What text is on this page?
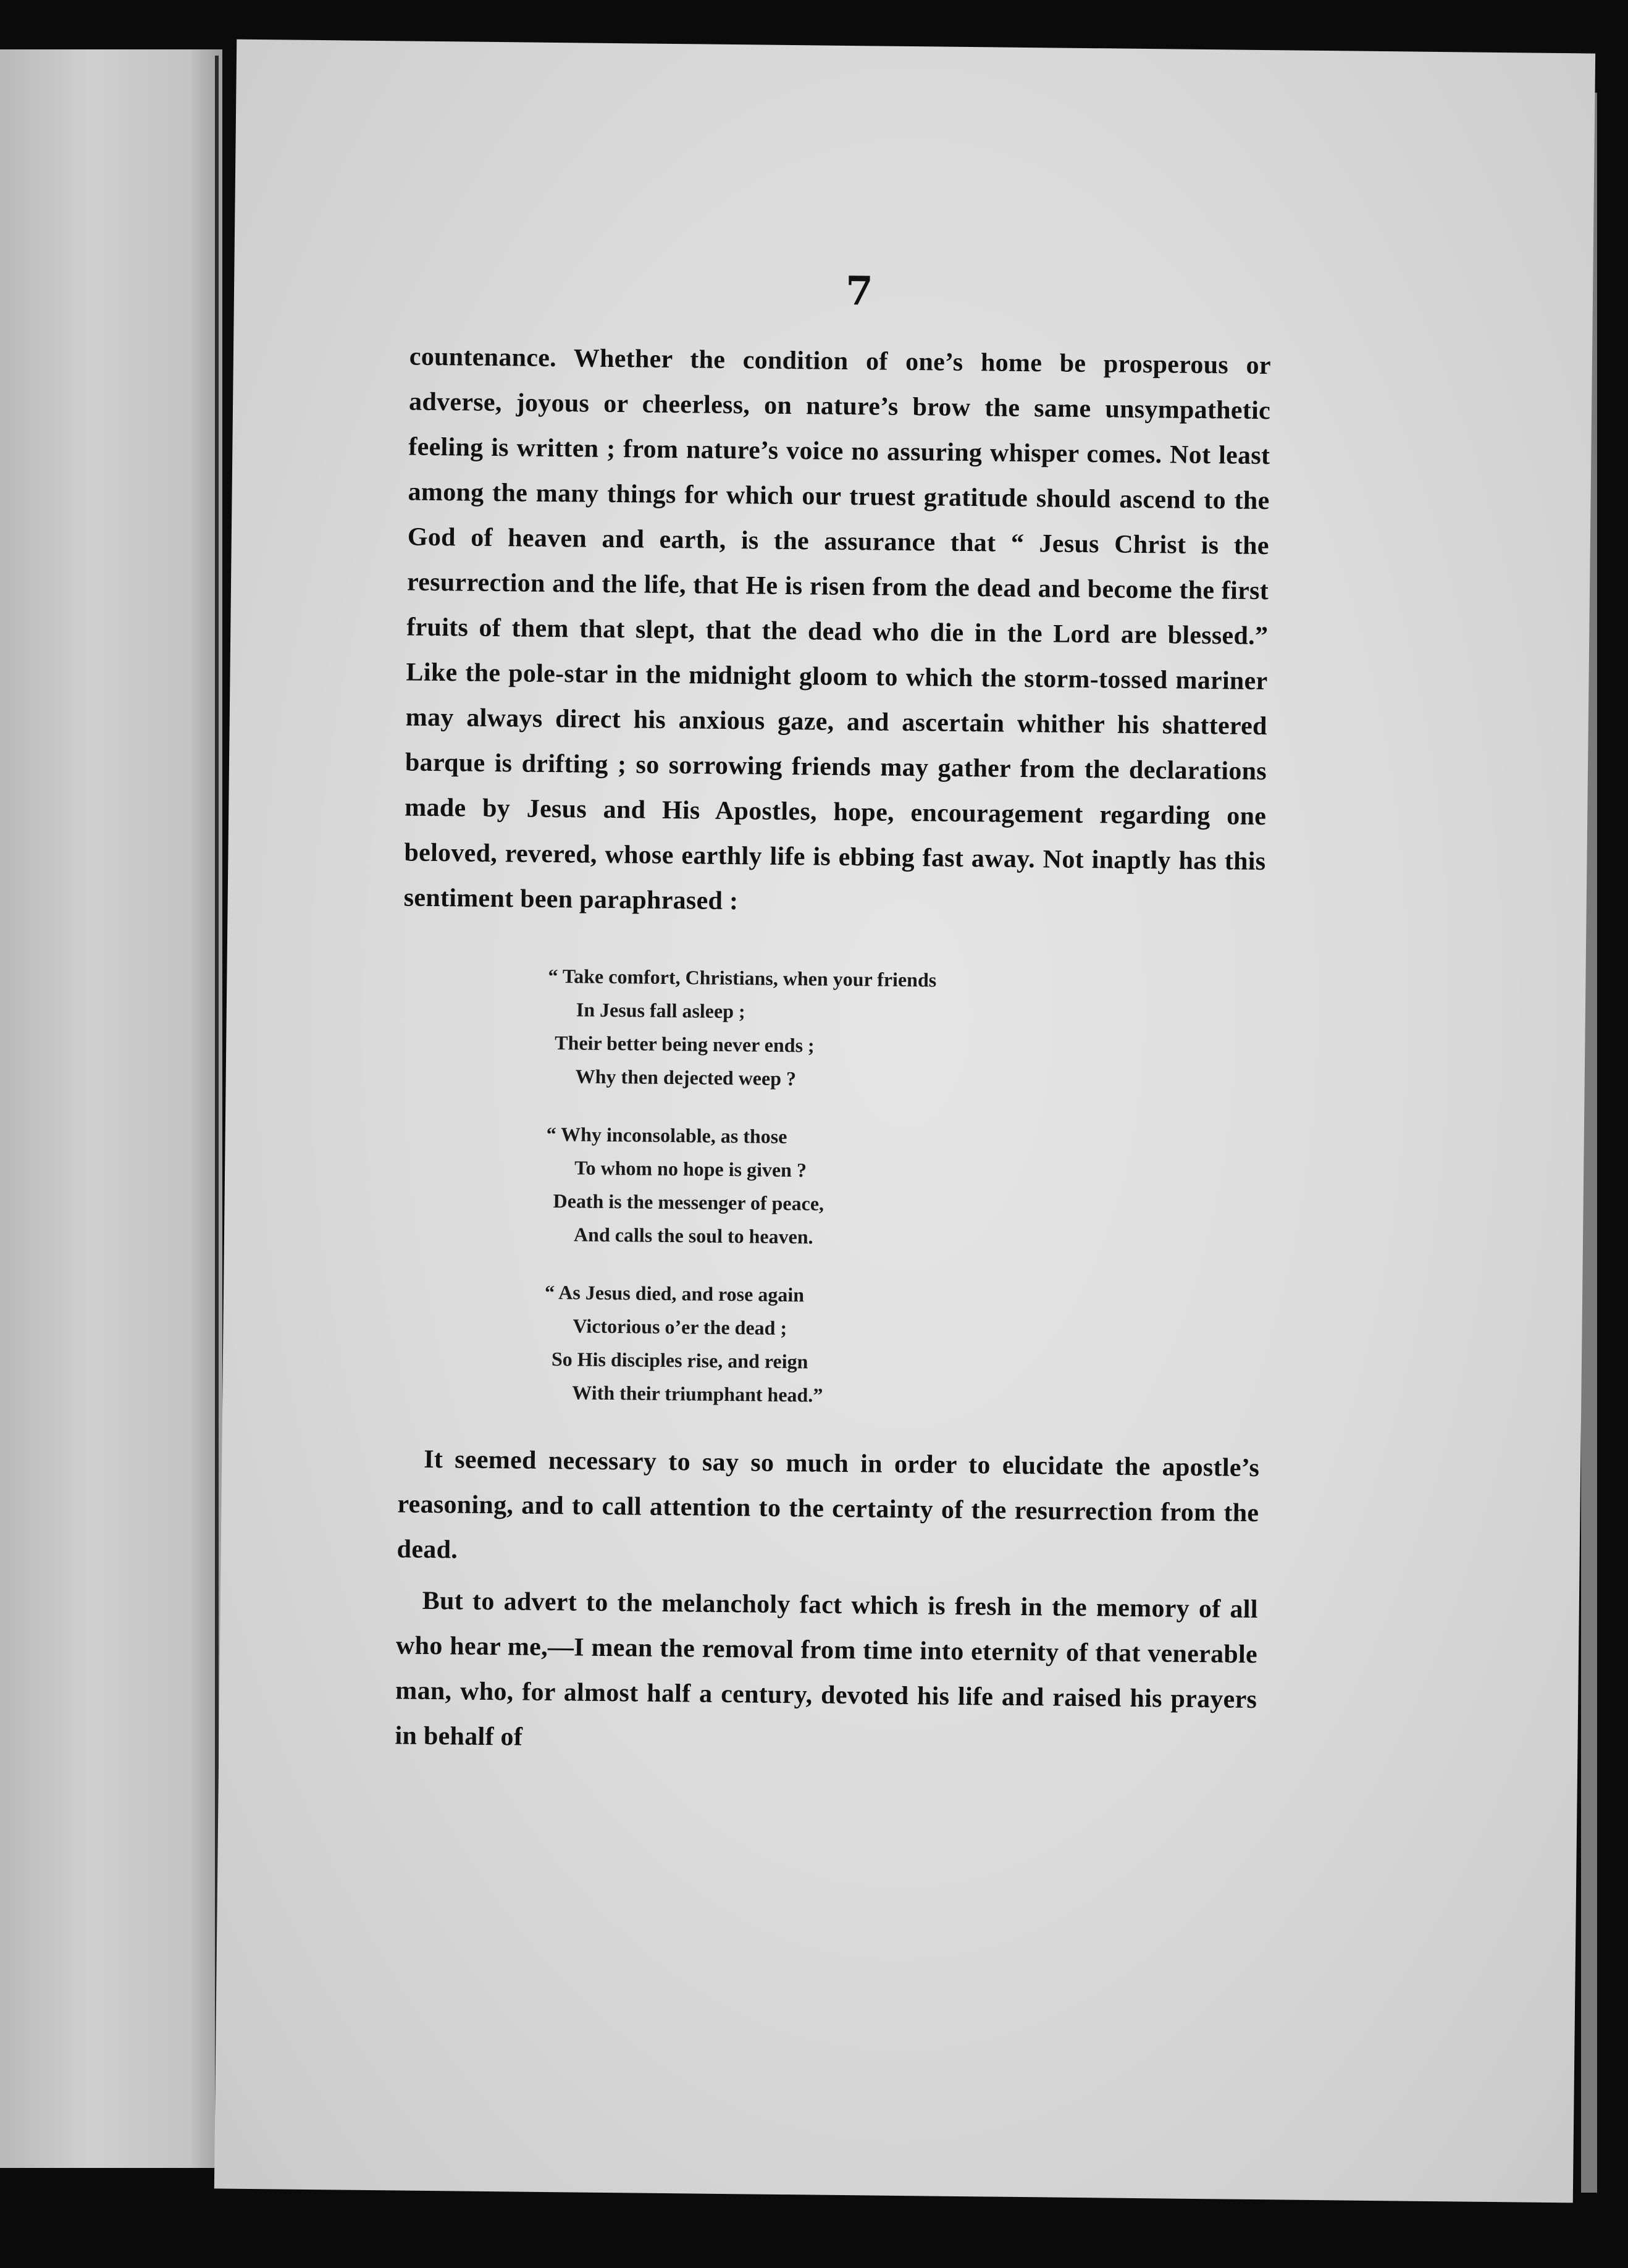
7

countenance. Whether the condition of one’s home be prosperous or adverse, joyous or cheerless, on nature’s brow the same unsympathetic feeling is written ; from nature’s voice no assuring whisper comes. Not least among the many things for which our truest gratitude should ascend to the God of heaven and earth, is the assurance that “ Jesus Christ is the resurrection and the life, that He is risen from the dead and become the first fruits of them that slept, that the dead who die in the Lord are blessed.” Like the pole-star in the midnight gloom to which the storm-tossed mariner may always direct his anxious gaze, and ascertain whither his shattered barque is drifting ; so sorrowing friends may gather from the declarations made by Jesus and His Apostles, hope, encouragement regarding one beloved, revered, whose earthly life is ebbing fast away. Not inaptly has this sentiment been paraphrased :

“ Take comfort, Christians, when your friends
In Jesus fall asleep ;
Their better being never ends ;
Why then dejected weep ?
“ Why inconsolable, as those
To whom no hope is given ?
Death is the messenger of peace,
And calls the soul to heaven.
“ As Jesus died, and rose again
Victorious o’er the dead ;
So His disciples rise, and reign
With their triumphant head.”

It seemed necessary to say so much in order to elucidate the apostle’s reasoning, and to call attention to the certainty of the resurrection from the dead.

But to advert to the melancholy fact which is fresh in the memory of all who hear me,—I mean the removal from time into eternity of that venerable man, who, for almost half a century, devoted his life and raised his prayers in behalf of
